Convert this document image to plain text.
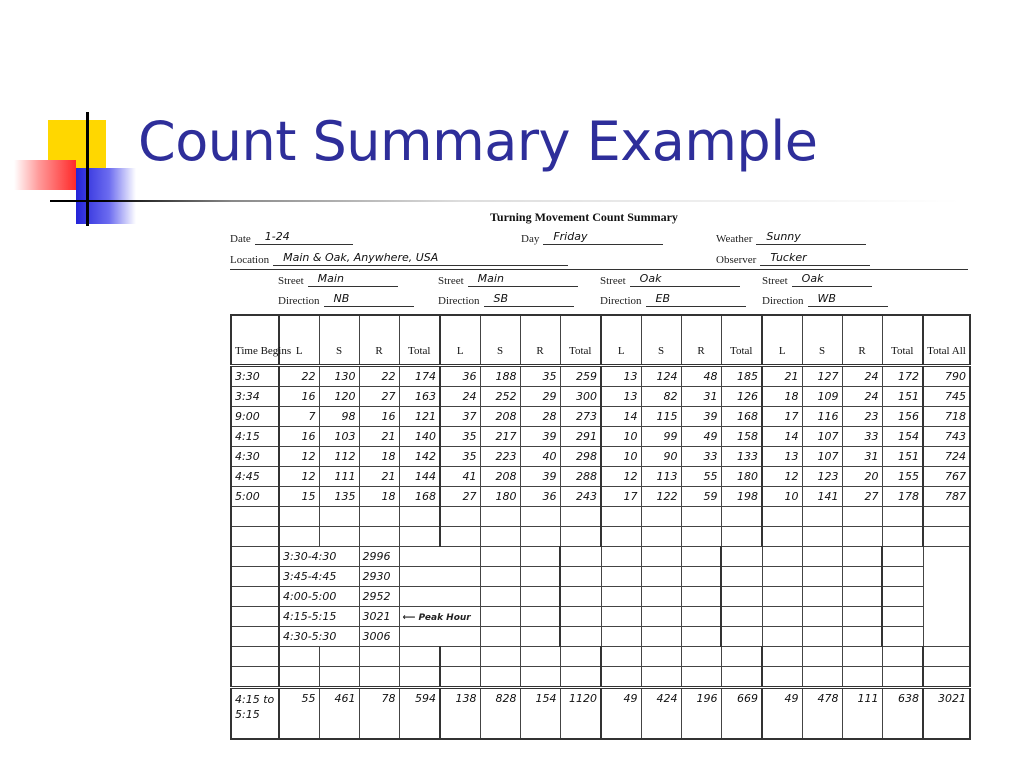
Count Summary Example
Turning Movement Count Summary
Date	1-24	Day	Friday	Weather	Sunny
Location	Main & Oak, Anywhere, USA	Observer	Tucker
Street	Main
Direction	NB
Street	Main
Direction	SB
Street	Oak
Direction	EB
Street	Oak
Direction	WB
Time Begins	L	S	R	Total	L	S	R	Total	L	S	R	Total	L	S	R	Total	Total All
3:30	22	130	22	174	36	188	35	259	13	124	48	185	21	127	24	172	790
3:34	16	120	27	163	24	252	29	300	13	82	31	126	18	109	24	151	745
9:00	7	98	16	121	37	208	28	273	14	115	39	168	17	116	23	156	718
4:15	16	103	21	140	35	217	39	291	10	99	49	158	14	107	33	154	743
4:30	12	112	18	142	35	223	40	298	10	90	33	133	13	107	31	151	724
4:45	12	111	21	144	41	208	39	288	12	113	55	180	12	123	20	155	767
5:00	15	135	18	168	27	180	36	243	17	122	59	198	10	141	27	178	787

	3:30-4:30		2996														
	3:45-4:45		2930														
	4:00-5:00		2952														
	4:15-5:15		3021	⟵ Peak Hour													
	4:30-5:30		3006														

4:15 to 5:15	55	461	78	594	138	828	154	1120	49	424	196	669	49	478	111	638	3021
